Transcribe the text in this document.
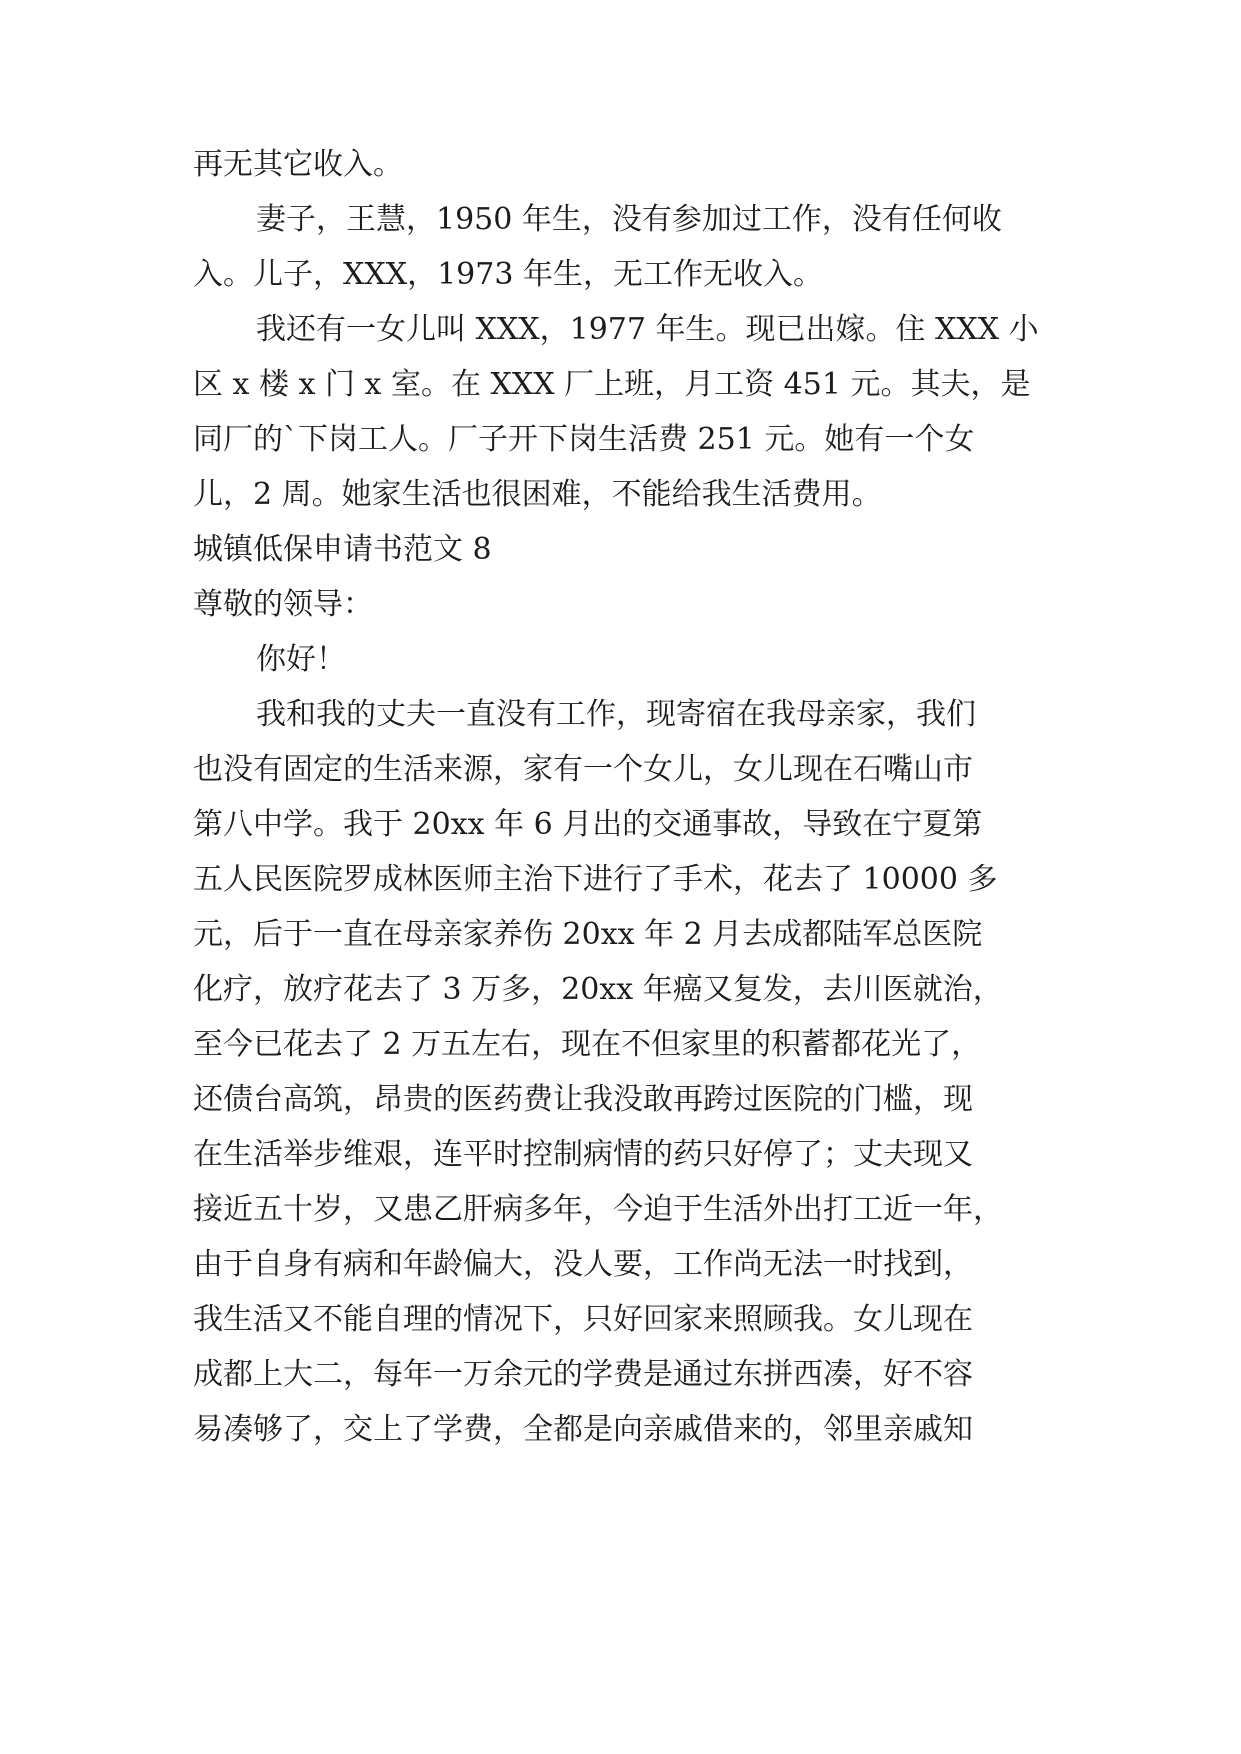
再无其它收入。
妻子，王慧，1950 年生，没有参加过工作，没有任何收
入。儿子，XXX，1973 年生，无工作无收入。
我还有一女儿叫 XXX，1977 年生。现已出嫁。住 XXX 小
区 x 楼 x 门 x 室。在 XXX 厂上班，月工资 451 元。其夫，是
同厂的`下岗工人。厂子开下岗生活费 251 元。她有一个女
儿，2 周。她家生活也很困难，不能给我生活费用。
城镇低保申请书范文 8
尊敬的领导：
你好！
我和我的丈夫一直没有工作，现寄宿在我母亲家，我们
也没有固定的生活来源，家有一个女儿，女儿现在石嘴山市
第八中学。我于 20xx 年 6 月出的交通事故，导致在宁夏第
五人民医院罗成林医师主治下进行了手术，花去了 10000 多
元，后于一直在母亲家养伤 20xx 年 2 月去成都陆军总医院
化疗，放疗花去了 3 万多，20xx 年癌又复发，去川医就治，
至今已花去了 2 万五左右，现在不但家里的积蓄都花光了，
还债台高筑，昂贵的医药费让我没敢再跨过医院的门槛，现
在生活举步维艰，连平时控制病情的药只好停了；丈夫现又
接近五十岁，又患乙肝病多年，今迫于生活外出打工近一年，
由于自身有病和年龄偏大，没人要，工作尚无法一时找到，
我生活又不能自理的情况下，只好回家来照顾我。女儿现在
成都上大二，每年一万余元的学费是通过东拼西凑，好不容
易凑够了，交上了学费，全都是向亲戚借来的，邻里亲戚知
